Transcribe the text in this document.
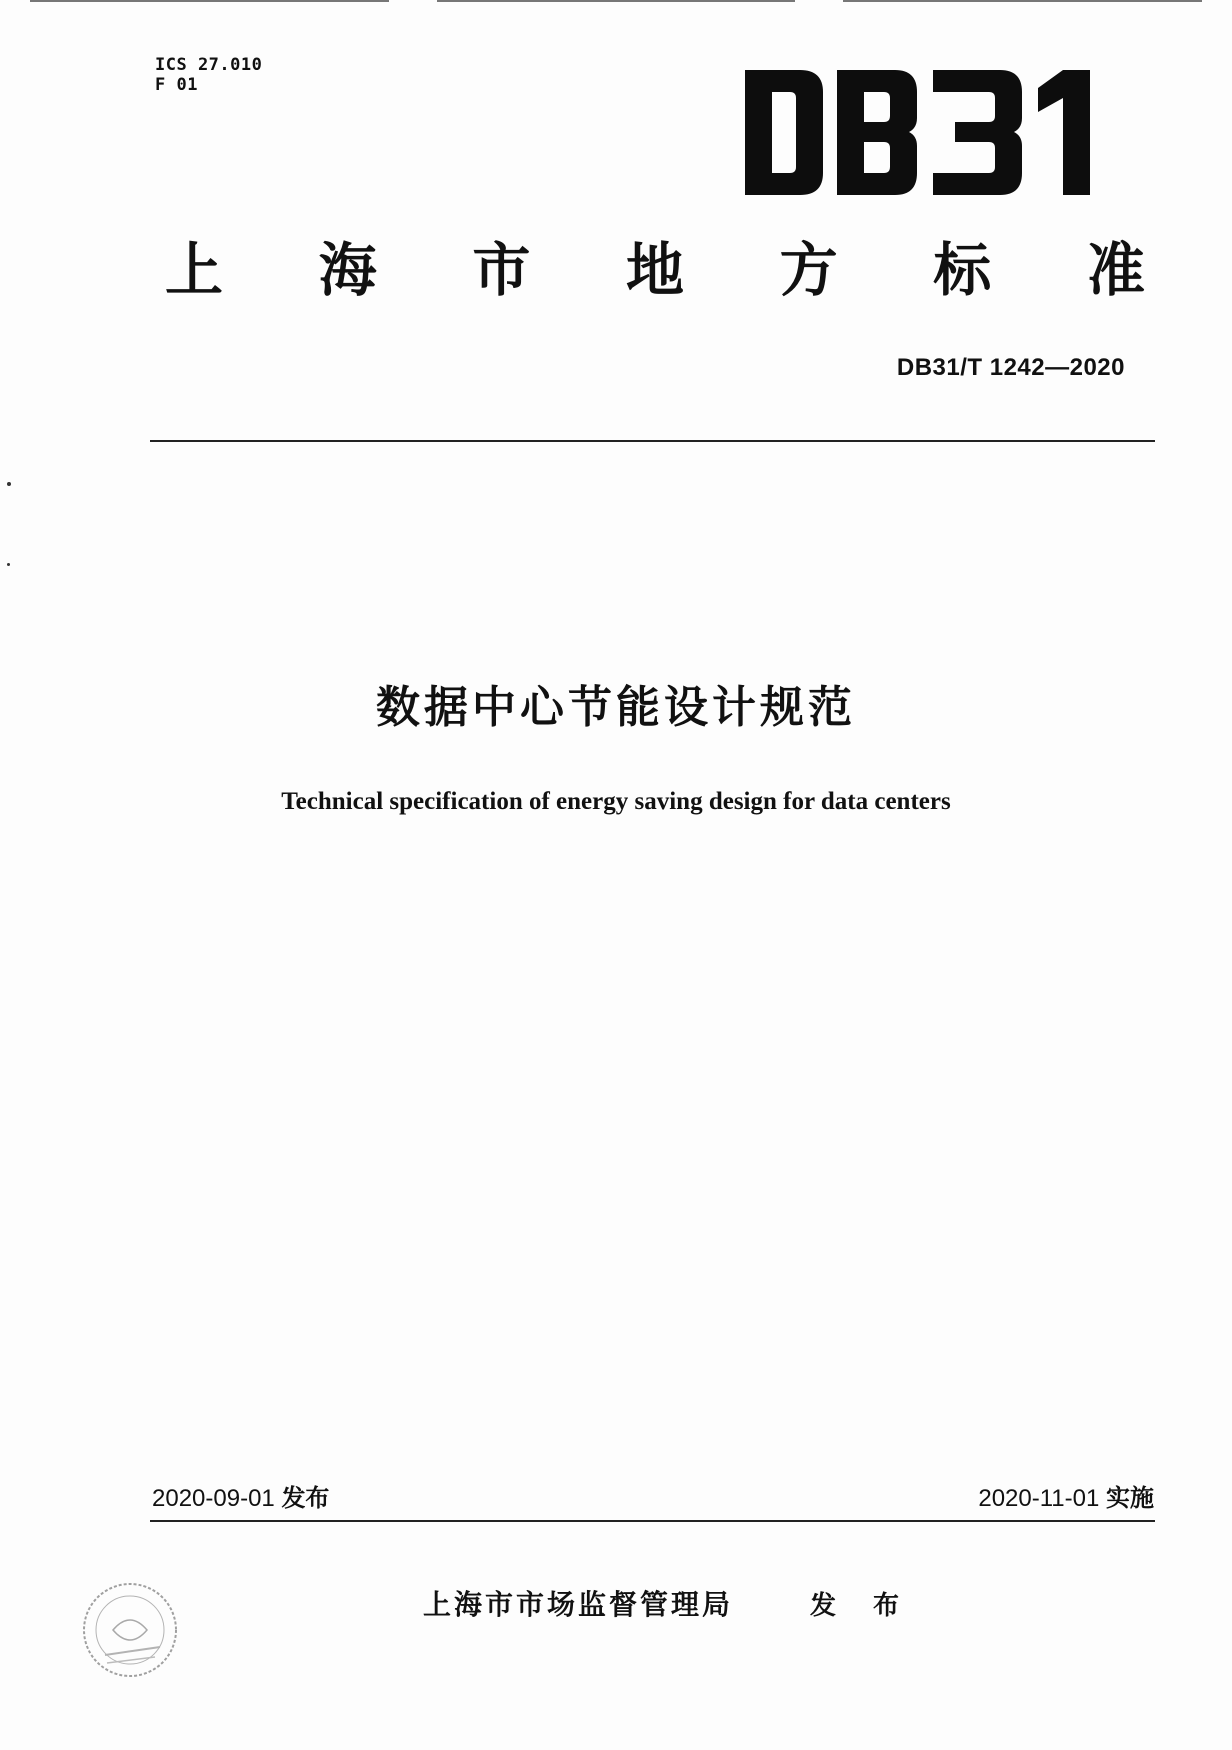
ICS 27.010
F 01
上 海 市 地 方 标 准
DB31/T 1242—2020
数据中心节能设计规范
Technical specification of energy saving design for data centers
2020-09-01 发布	2020-11-01 实施
上海市市场监督管理局	发 布
